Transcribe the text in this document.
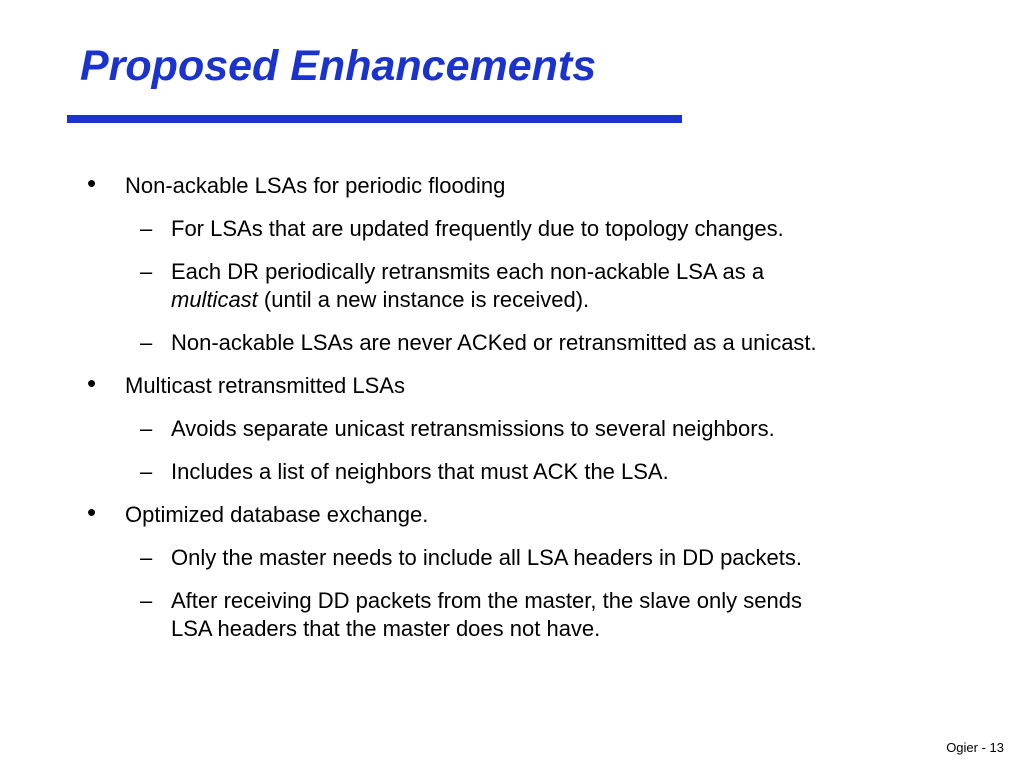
Proposed Enhancements
• Non-ackable LSAs for periodic flooding
– For LSAs that are updated frequently due to topology changes.
– Each DR periodically retransmits each non-ackable LSA as a
multicast (until a new instance is received).
– Non-ackable LSAs are never ACKed or retransmitted as a unicast.
• Multicast retransmitted LSAs
– Avoids separate unicast retransmissions to several neighbors.
– Includes a list of neighbors that must ACK the LSA.
• Optimized database exchange.
– Only the master needs to include all LSA headers in DD packets.
– After receiving DD packets from the master, the slave only sends
LSA headers that the master does not have.
Ogier - 13
